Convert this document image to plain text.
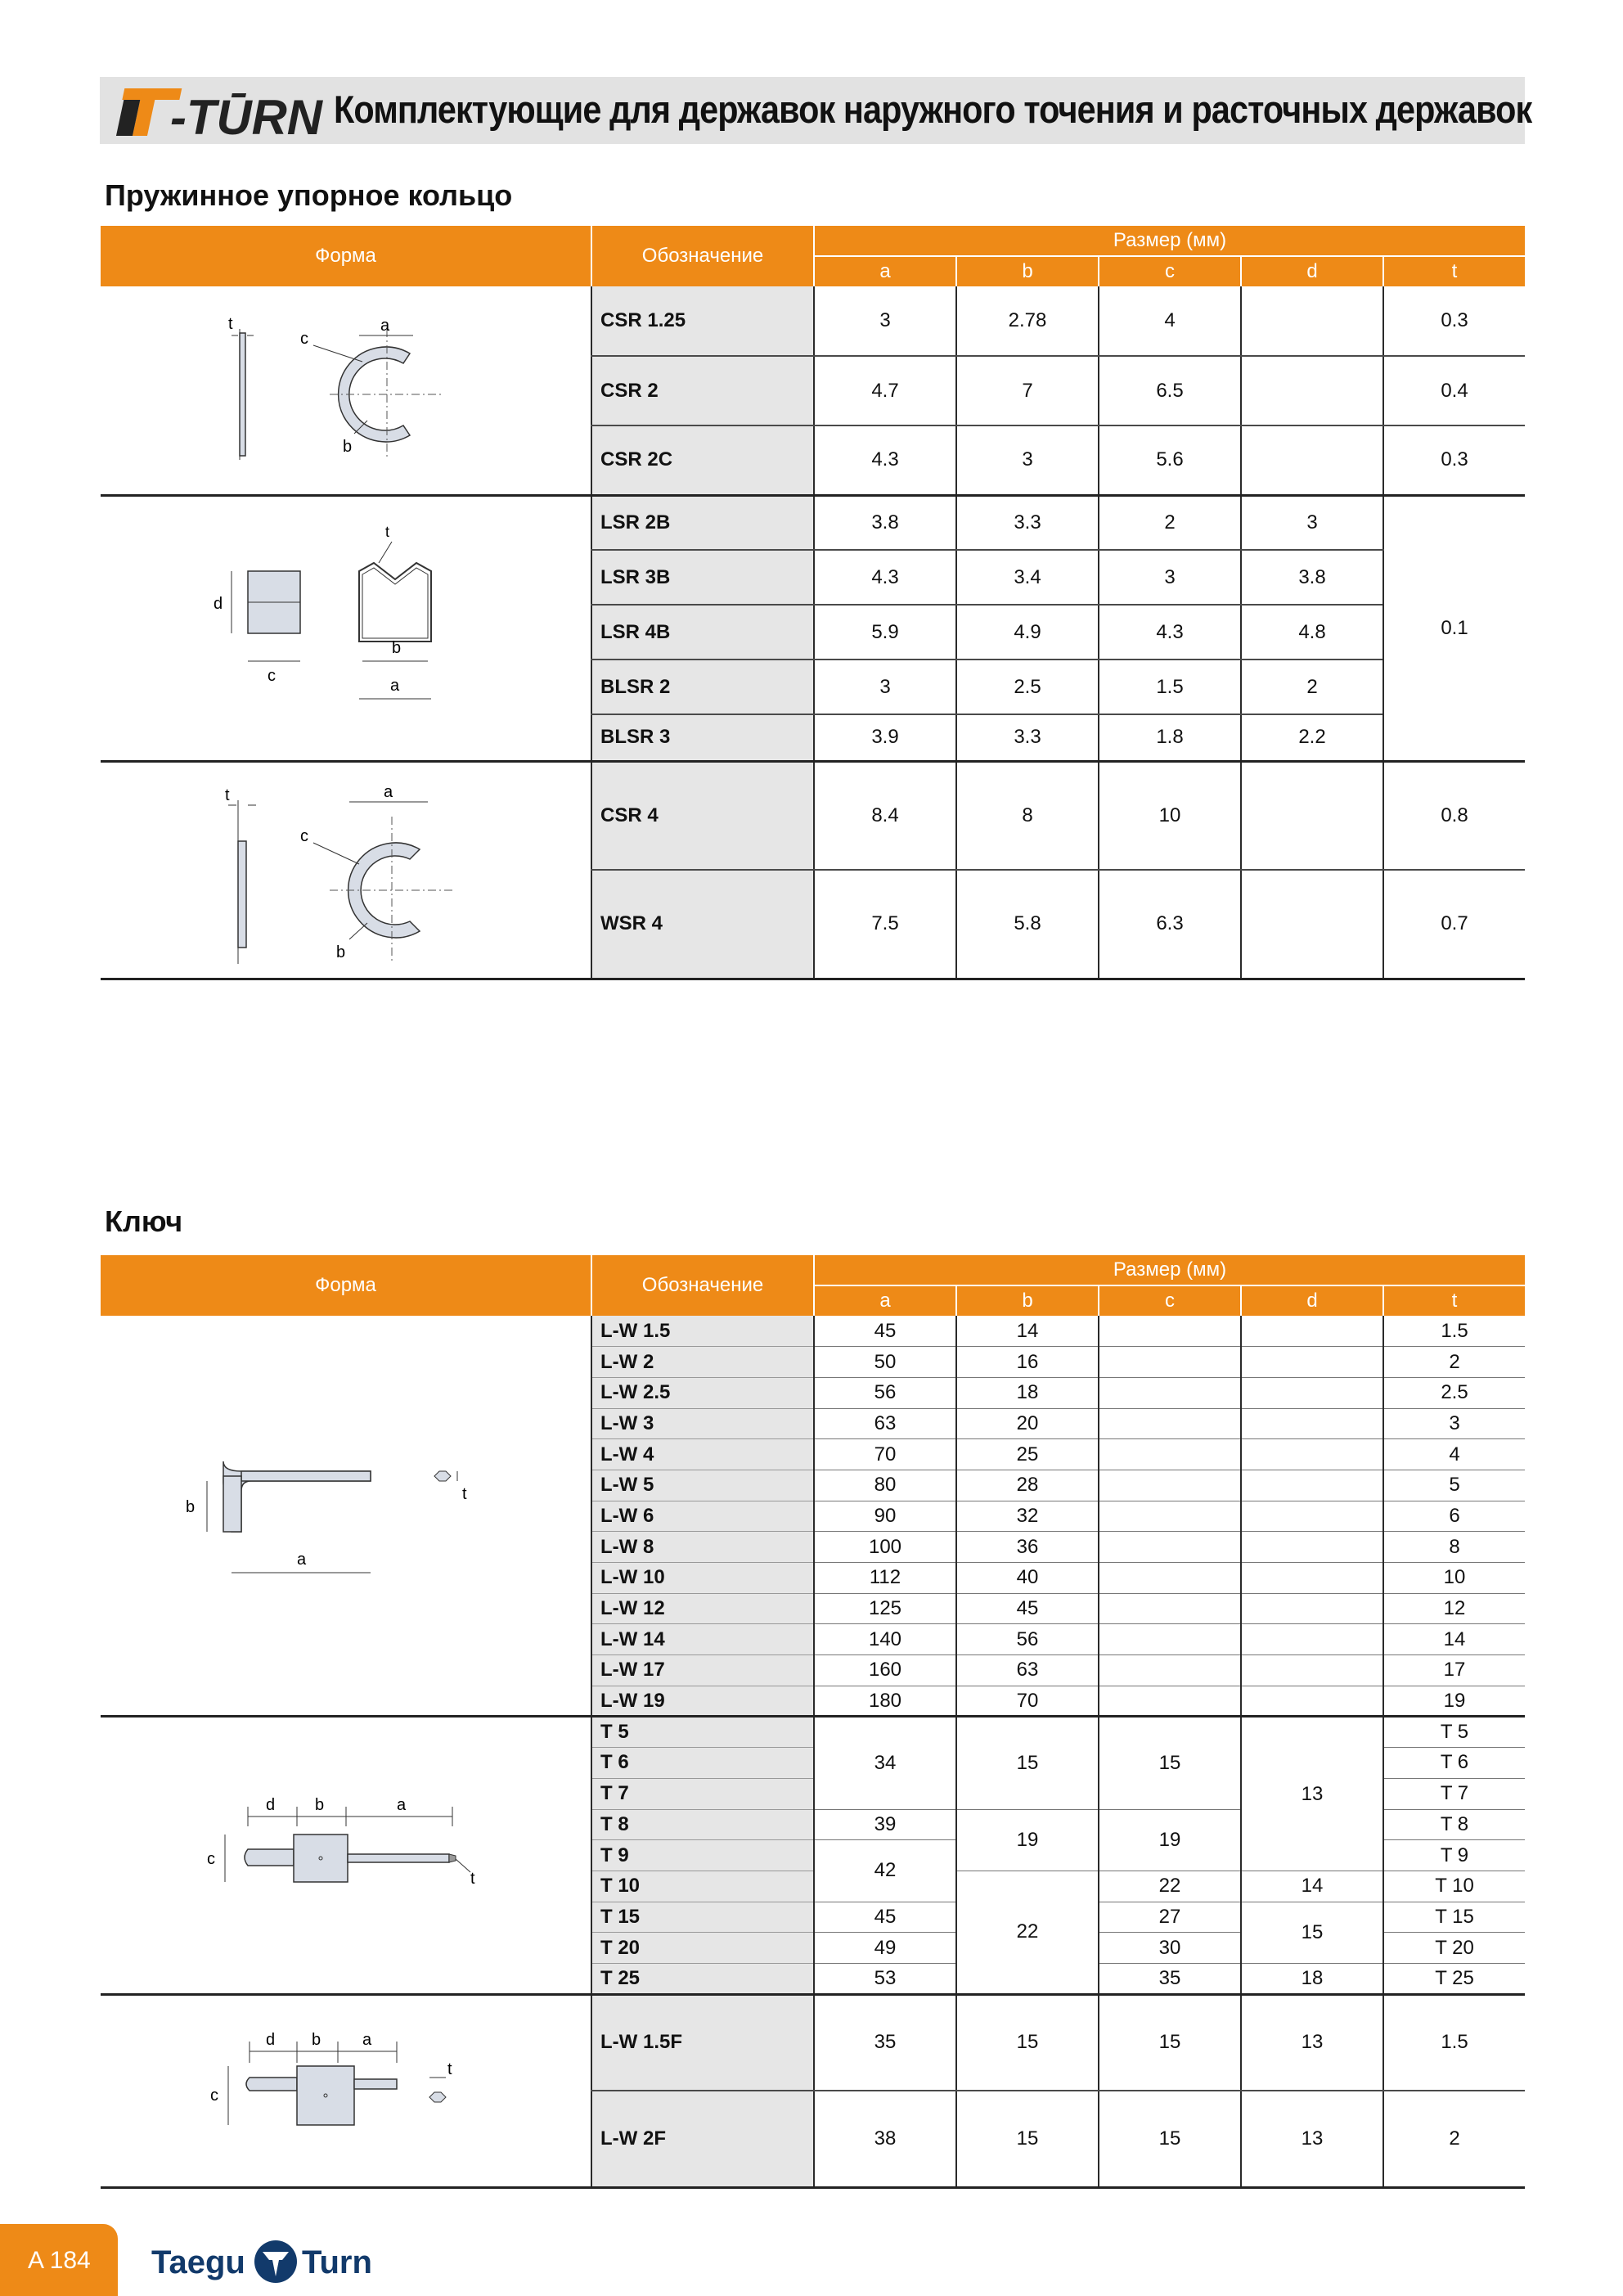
-TŪRN Комплектующие для державок наружного точения и расточных державок
Пружинное упорное кольцо
Форма	Обозначение	Размер (мм)				
		a	b	c	d	t

t a
c
b	CSR 1.25	3	2.78	4		0.3
	CSR 2	4.7	7	6.5		0.4
	CSR 2C	4.3	3	5.6		0.3

d
c
t
b
a	LSR 2B	3.8	3.3	2	3	0.1
	LSR 3B	4.3	3.4	3	3.8	
	LSR 4B	5.9	4.9	4.3	4.8	
	BLSR 2	3	2.5	1.5	2	
	BLSR 3	3.9	3.3	1.8	2.2	

t a
c
b	CSR 4	8.4	8	10		0.8
	WSR 4	7.5	5.8	6.3		0.7
Ключ
Форма	Обозначение	Размер (мм)				
		a	b	c	d	t

b
a
t	L-W 1.5	45	14			1.5
	L-W 2	50	16			2
	L-W 2.5	56	18			2.5
	L-W 3	63	20			3
	L-W 4	70	25			4
	L-W 5	80	28			5
	L-W 6	90	32			6
	L-W 8	100	36			8
	L-W 10	112	40			10
	L-W 12	125	45			12
	L-W 14	140	56			14
	L-W 17	160	63			17
	L-W 19	180	70			19

d b a
c
t	T 5	34	15	15	13	T 5
	T 6					T 6
	T 7					T 7
	T 8	39	19	19		T 8
	T 9	42				T 9
	T 10		22	22	14	T 10
	T 15	45		27	15	T 15
	T 20	49		30		T 20
	T 25	53		35	18	T 25

d b a
c
t	L-W 1.5F	35	15	15	13	1.5
	L-W 2F	38	15	15	13	2
A 184 Taegu Turn
